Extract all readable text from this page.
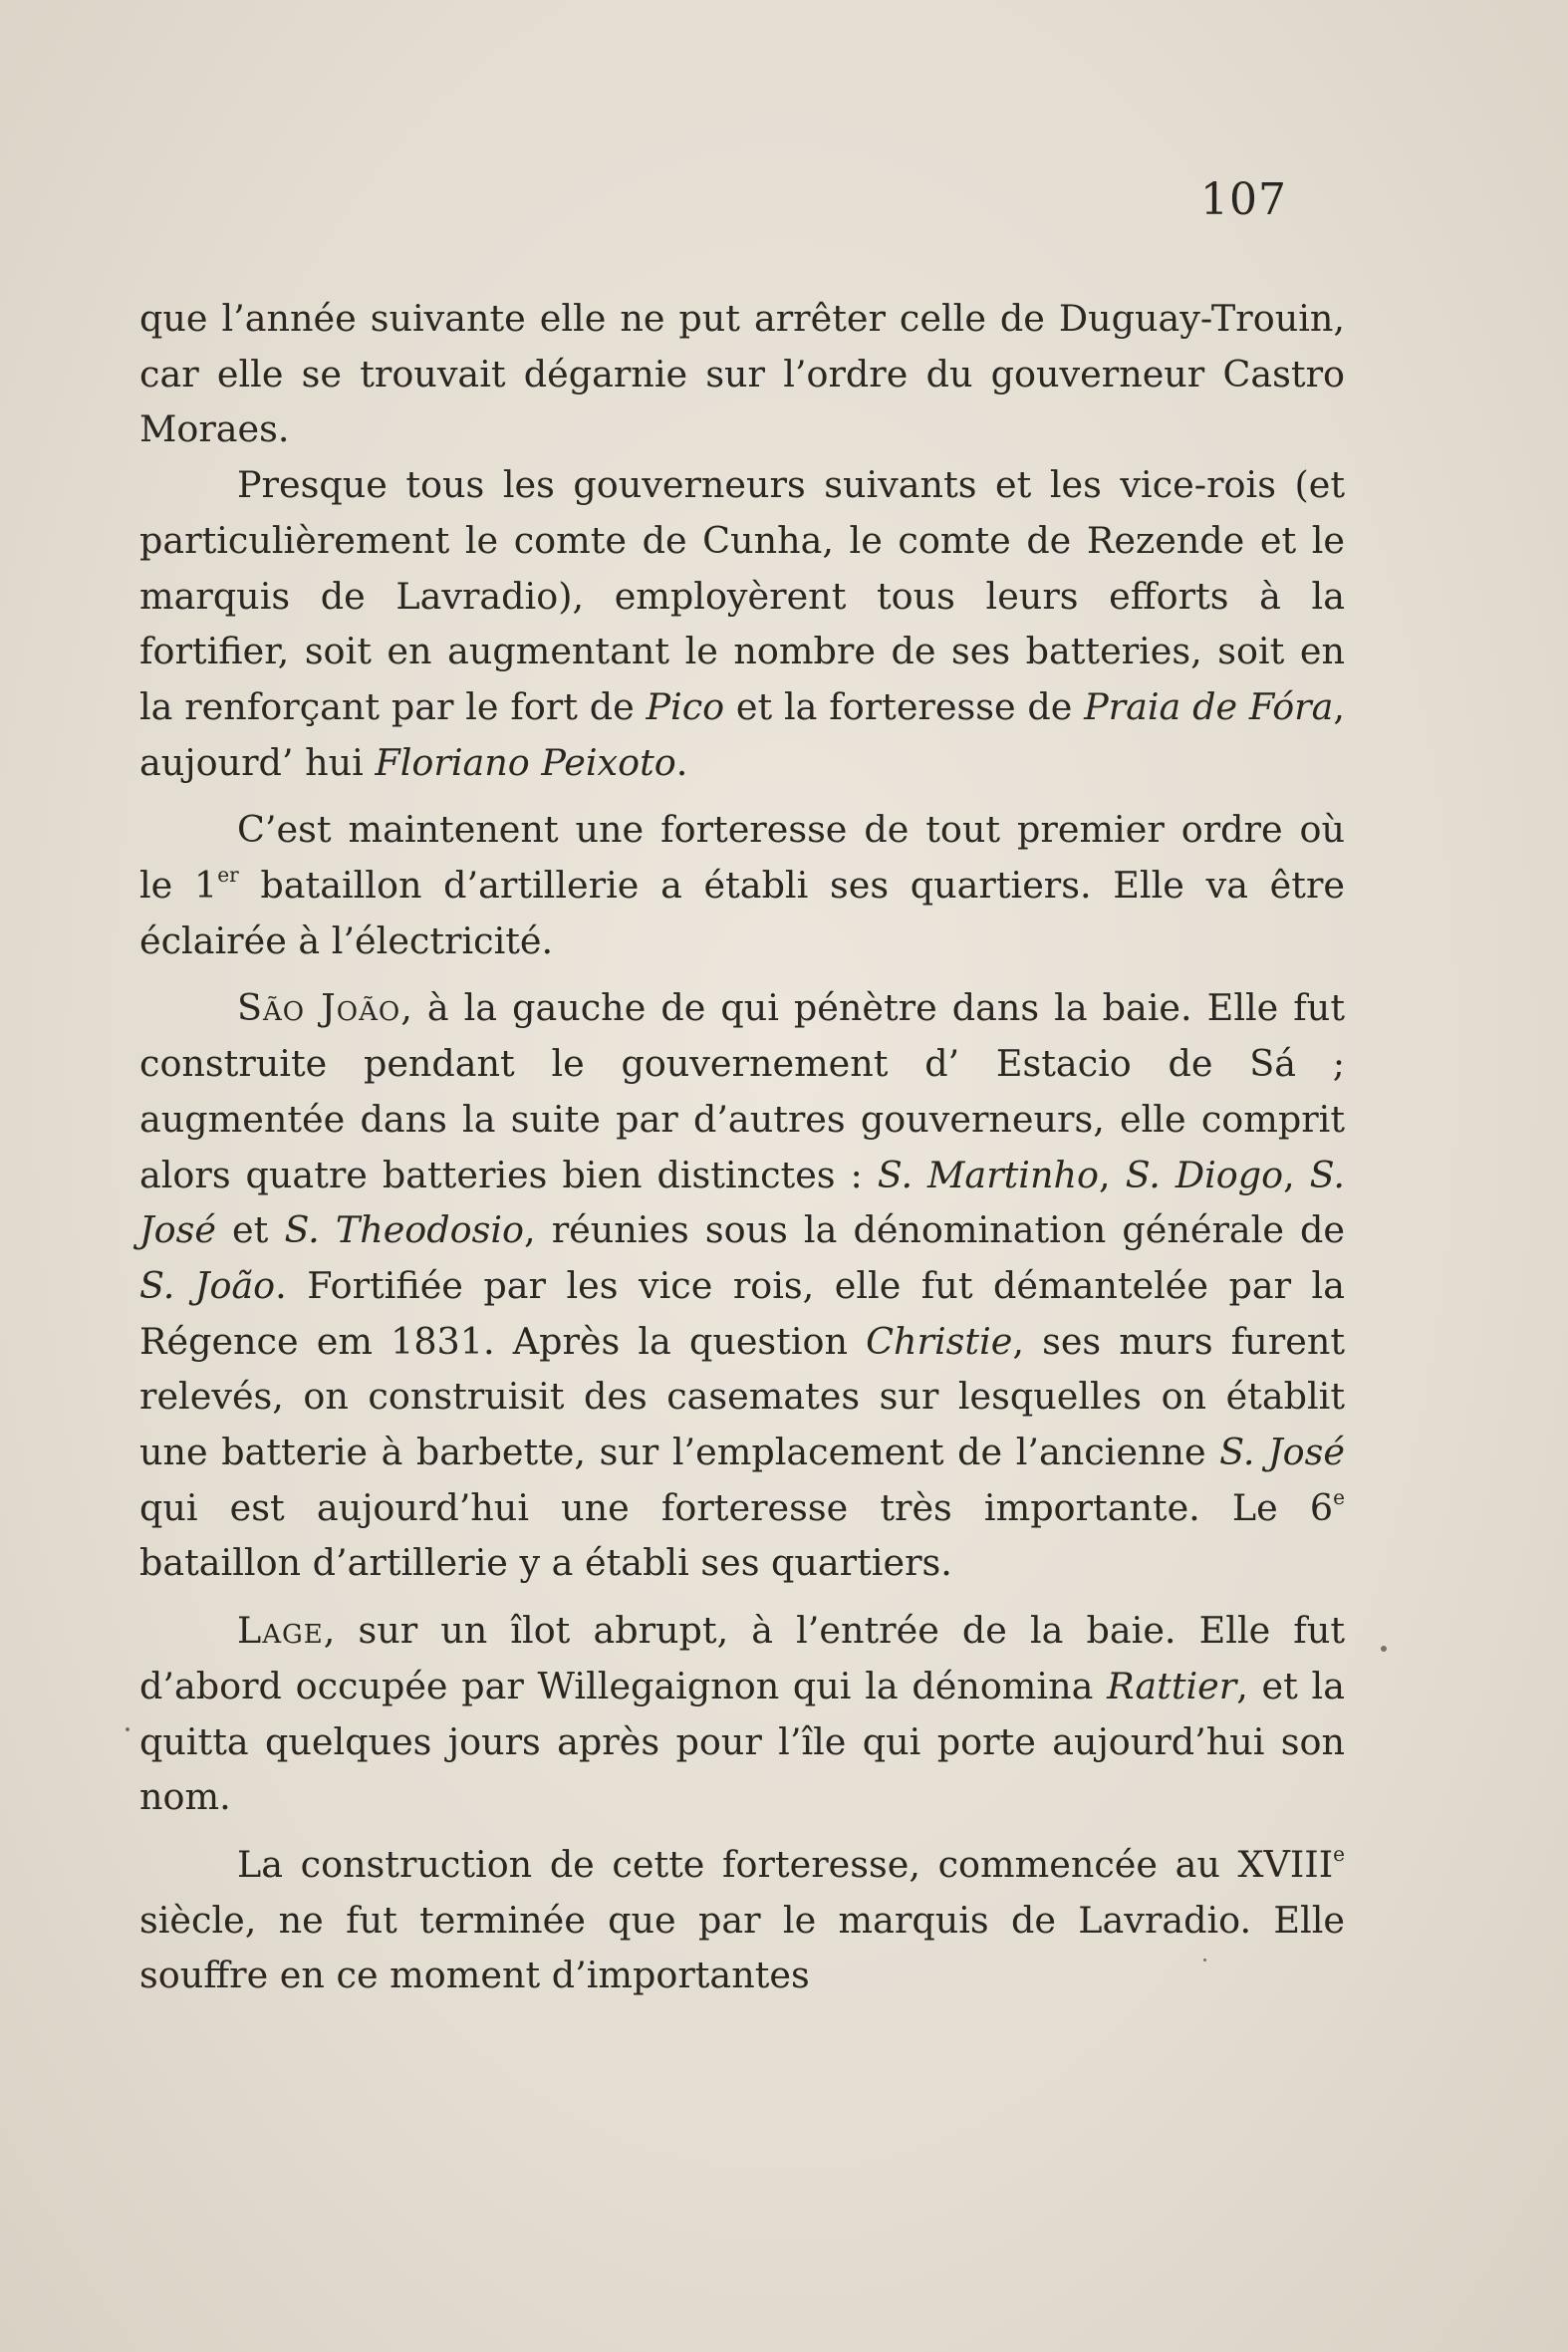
107

que l’année suivante elle ne put arrêter celle de Duguay-Trouin, car elle se trouvait dégarnie sur l’ordre du gouverneur Castro Moraes.

Presque tous les gouverneurs suivants et les vice-rois (et particulièrement le comte de Cunha, le comte de Rezende et le marquis de Lavradio), employèrent tous leurs efforts à la fortifier, soit en augmentant le nombre de ses batteries, soit en la renforçant par le fort de Pico et la forteresse de Praia de Fóra, aujourd’ hui Floriano Peixoto.

C’est maintenent une forteresse de tout premier ordre où le 1er bataillon d’artillerie a établi ses quartiers. Elle va être éclairée à l’électricité.

São João, à la gauche de qui pénètre dans la baie. Elle fut construite pendant le gouvernement d’ Estacio de Sá ; augmentée dans la suite par d’autres gouverneurs, elle comprit alors quatre batteries bien distinctes : S. Martinho, S. Diogo, S. José et S. Theodosio, réunies sous la dénomination générale de S. João. Fortifiée par les vice rois, elle fut démantelée par la Régence em 1831. Après la question Christie, ses murs furent relevés, on construisit des casemates sur lesquelles on établit une batterie à barbette, sur l’emplacement de l’ancienne S. José qui est aujourd’hui une forteresse très importante. Le 6e bataillon d’artillerie y a établi ses quartiers.

Lage, sur un îlot abrupt, à l’entrée de la baie. Elle fut d’abord occupée par Willegaignon qui la dénomina Rattier, et la quitta quelques jours après pour l’île qui porte aujourd’hui son nom.

La construction de cette forteresse, commencée au XVIIIe siècle, ne fut terminée que par le marquis de Lavradio. Elle souffre en ce moment d’importantes
